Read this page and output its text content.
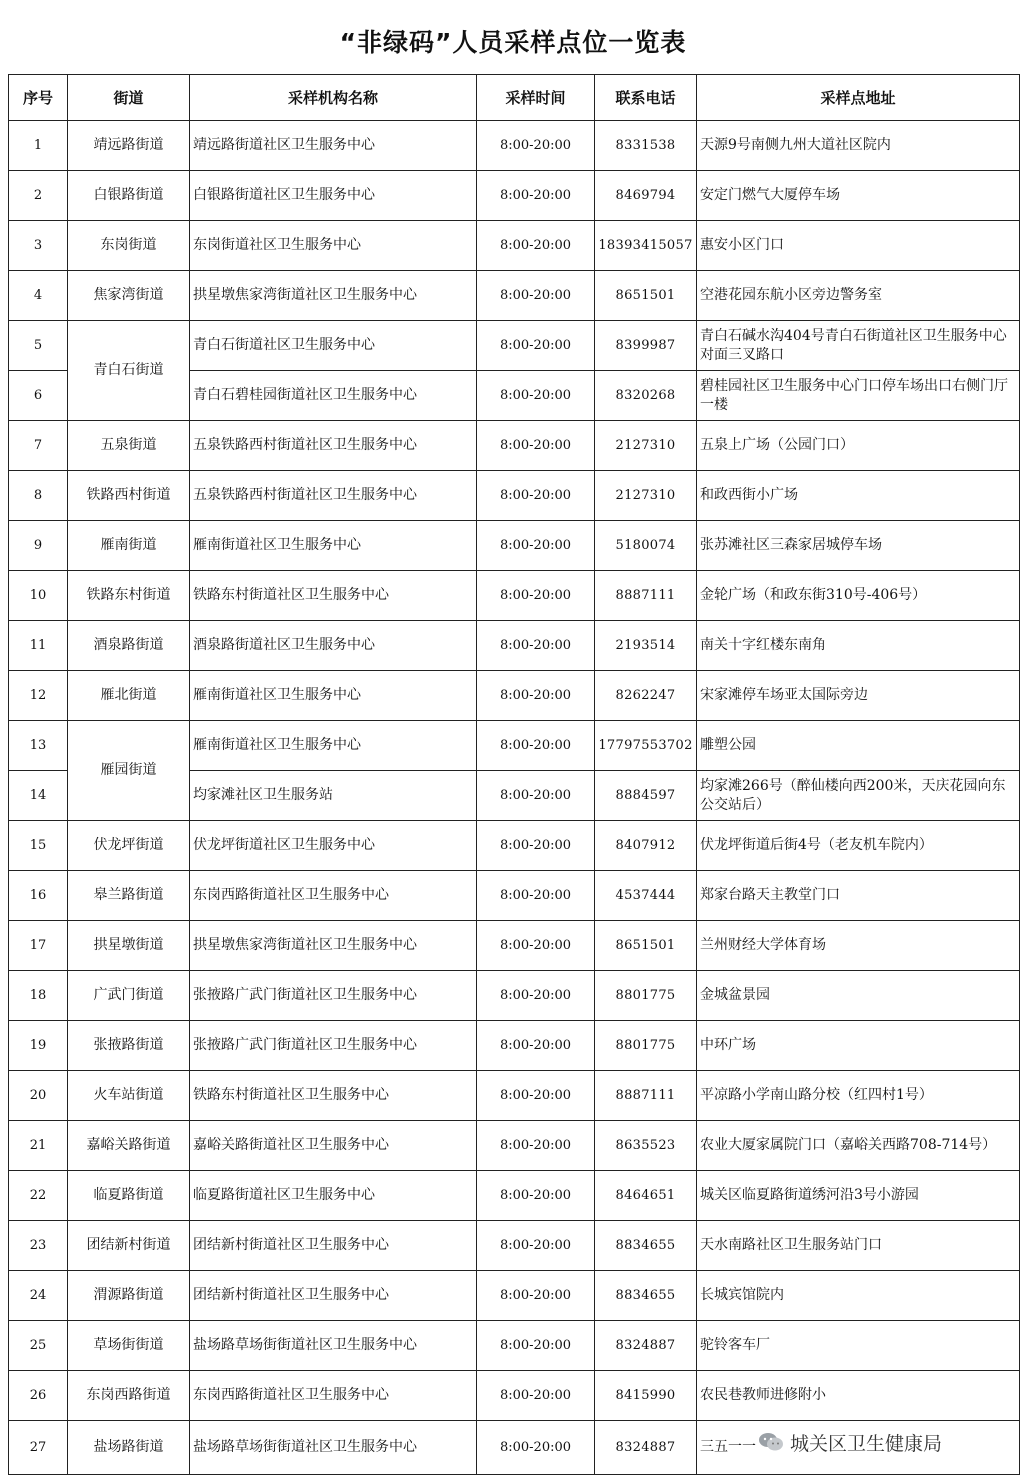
“非绿码”人员采样点位一览表
序号	街道	采样机构名称	采样时间	联系电话	采样点地址
1	靖远路街道	靖远路街道社区卫生服务中心	8:00-20:00	8331538	天源9号南侧九州大道社区院内
2	白银路街道	白银路街道社区卫生服务中心	8:00-20:00	8469794	安定门燃气大厦停车场
3	东岗街道	东岗街道社区卫生服务中心	8:00-20:00	18393415057	惠安小区门口
4	焦家湾街道	拱星墩焦家湾街道社区卫生服务中心	8:00-20:00	8651501	空港花园东航小区旁边警务室
5	青白石街道	青白石街道社区卫生服务中心	8:00-20:00	8399987	青白石碱水沟404号青白石街道社区卫生服务中心对面三叉路口
6		青白石碧桂园街道社区卫生服务中心	8:00-20:00	8320268	碧桂园社区卫生服务中心门口停车场出口右侧门厅一楼
7	五泉街道	五泉铁路西村街道社区卫生服务中心	8:00-20:00	2127310	五泉上广场（公园门口）
8	铁路西村街道	五泉铁路西村街道社区卫生服务中心	8:00-20:00	2127310	和政西街小广场
9	雁南街道	雁南街道社区卫生服务中心	8:00-20:00	5180074	张苏滩社区三森家居城停车场
10	铁路东村街道	铁路东村街道社区卫生服务中心	8:00-20:00	8887111	金轮广场（和政东街310号-406号）
11	酒泉路街道	酒泉路街道社区卫生服务中心	8:00-20:00	2193514	南关十字红楼东南角
12	雁北街道	雁南街道社区卫生服务中心	8:00-20:00	8262247	宋家滩停车场亚太国际旁边
13	雁园街道	雁南街道社区卫生服务中心	8:00-20:00	17797553702	雕塑公园
14		均家滩社区卫生服务站	8:00-20:00	8884597	均家滩266号（醉仙楼向西200米，天庆花园向东公交站后）
15	伏龙坪街道	伏龙坪街道社区卫生服务中心	8:00-20:00	8407912	伏龙坪街道后街4号（老友机车院内）
16	皋兰路街道	东岗西路街道社区卫生服务中心	8:00-20:00	4537444	郑家台路天主教堂门口
17	拱星墩街道	拱星墩焦家湾街道社区卫生服务中心	8:00-20:00	8651501	兰州财经大学体育场
18	广武门街道	张掖路广武门街道社区卫生服务中心	8:00-20:00	8801775	金城盆景园
19	张掖路街道	张掖路广武门街道社区卫生服务中心	8:00-20:00	8801775	中环广场
20	火车站街道	铁路东村街道社区卫生服务中心	8:00-20:00	8887111	平凉路小学南山路分校（红四村1号）
21	嘉峪关路街道	嘉峪关路街道社区卫生服务中心	8:00-20:00	8635523	农业大厦家属院门口（嘉峪关西路708-714号）
22	临夏路街道	临夏路街道社区卫生服务中心	8:00-20:00	8464651	城关区临夏路街道绣河沿3号小游园
23	团结新村街道	团结新村街道社区卫生服务中心	8:00-20:00	8834655	天水南路社区卫生服务站门口
24	渭源路街道	团结新村街道社区卫生服务中心	8:00-20:00	8834655	长城宾馆院内
25	草场街街道	盐场路草场街街道社区卫生服务中心	8:00-20:00	8324887	驼铃客车厂
26	东岗西路街道	东岗西路街道社区卫生服务中心	8:00-20:00	8415990	农民巷教师进修附小
27	盐场路街道	盐场路草场街街道社区卫生服务中心	8:00-20:00	8324887	三五一一 城关区卫生健康局
